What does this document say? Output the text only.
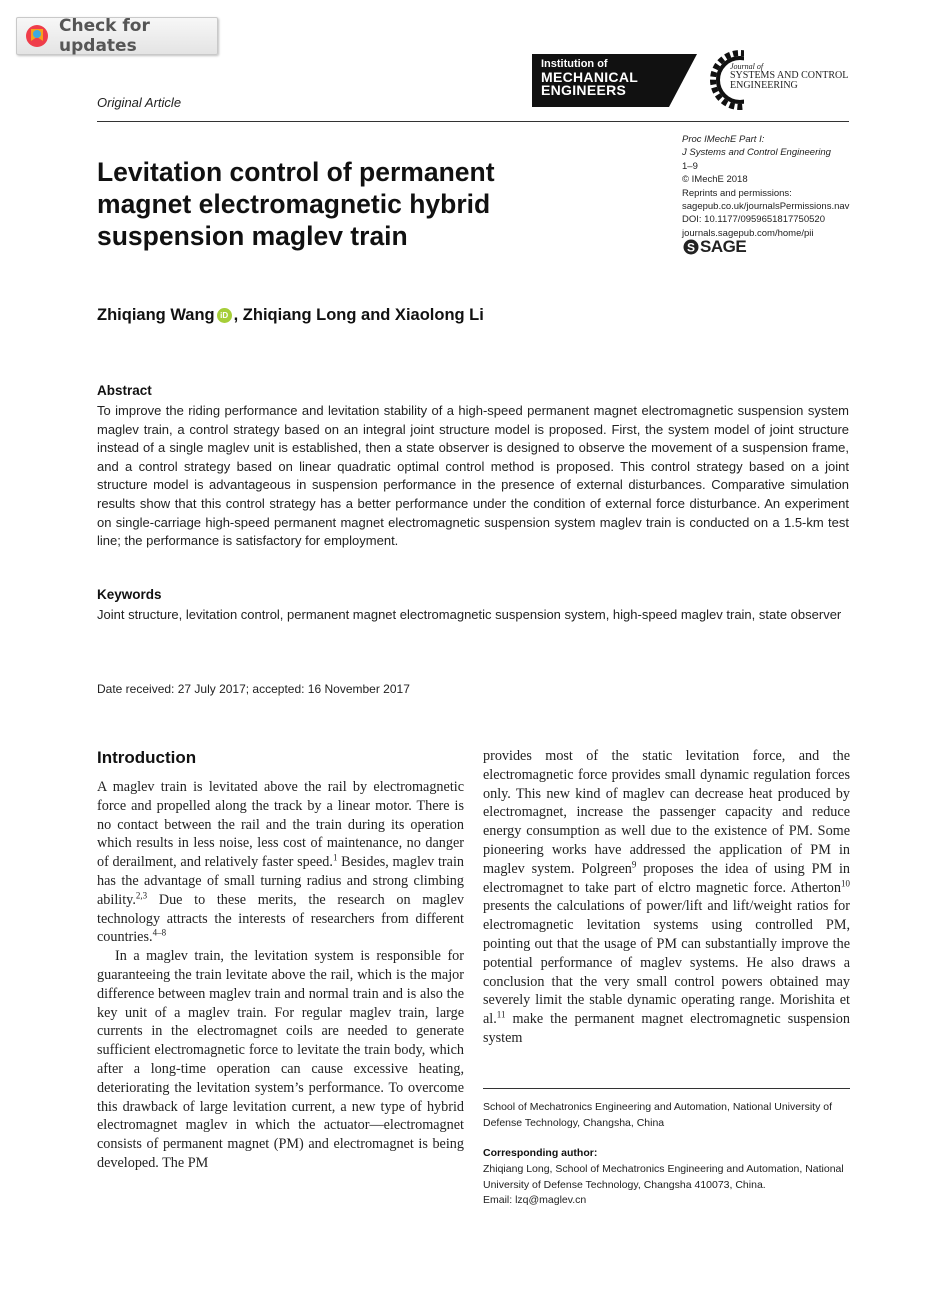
Check for updates
Original Article
Institution of
MECHANICAL
ENGINEERS
Journal of
SYSTEMS AND CONTROL
ENGINEERING
Proc IMechE Part I:
J Systems and Control Engineering
1–9
© IMechE 2018
Reprints and permissions:
sagepub.co.uk/journalsPermissions.nav
DOI: 10.1177/0959651817750520
journals.sagepub.com/home/pii
S SAGE
Levitation control of permanent magnet electromagnetic hybrid suspension maglev train
Zhiqiang Wang iD , Zhiqiang Long and Xiaolong Li
Abstract
To improve the riding performance and levitation stability of a high-speed permanent magnet electromagnetic suspension system maglev train, a control strategy based on an integral joint structure model is proposed. First, the system model of joint structure instead of a single maglev unit is established, then a state observer is designed to observe the movement of a suspension frame, and a control strategy based on linear quadratic optimal control method is proposed. This control strategy based on a joint structure model is advantageous in suspension performance in the presence of external disturbances. Comparative simulation results show that this control strategy has a better performance under the condition of external force disturbance. An experiment on single-carriage high-speed permanent magnet electromagnetic suspension system maglev train is conducted on a 1.5-km test line; the performance is satisfactory for employment.
Keywords
Joint structure, levitation control, permanent magnet electromagnetic suspension system, high-speed maglev train, state observer
Date received: 27 July 2017; accepted: 16 November 2017
Introduction

A maglev train is levitated above the rail by electromagnetic force and propelled along the track by a linear motor. There is no contact between the rail and the train during its operation which results in less noise, less cost of maintenance, no danger of derailment, and relatively faster speed.$^1$ Besides, maglev train has the advantage of small turning radius and strong climbing ability.$^{2,3}$ Due to these merits, the research on maglev technology attracts the interests of researchers from different countries.$^{4-8}$

In a maglev train, the levitation system is responsible for guaranteeing the train levitate above the rail, which is the major difference between maglev train and normal train and is also the key unit of a maglev train. For regular maglev train, large currents in the electromagnet coils are needed to generate sufficient electromagnetic force to levitate the train body, which after a long-time operation can cause excessive heating, deteriorating the levitation system’s performance. To overcome this drawback of large levitation current, a new type of hybrid electromagnet maglev in which the actuator—electromagnet consists of permanent magnet (PM) and electromagnet is being developed. The PM

provides most of the static levitation force, and the electromagnetic force provides small dynamic regulation forces only. This new kind of maglev can decrease heat produced by electromagnet, increase the passenger capacity and reduce energy consumption as well due to the existence of PM. Some pioneering works have addressed the application of PM in maglev system. Polgreen$^9$ proposes the idea of using PM in electromagnet to take part of elctro magnetic force. Atherton$^{10}$ presents the calculations of power/lift and lift/weight ratios for electromagnetic levitation systems using controlled PM, pointing out that the usage of PM can substantially improve the potential performance of maglev systems. He also draws a conclusion that the very small control powers obtained may severely limit the stable dynamic operating range. Morishita et al.$^{11}$ make the permanent magnet electromagnetic suspension system

School of Mechatronics Engineering and Automation, National University of Defense Technology, Changsha, China
Corresponding author:
Zhiqiang Long, School of Mechatronics Engineering and Automation, National University of Defense Technology, Changsha 410073, China.
Email: lzq@maglev.cn
